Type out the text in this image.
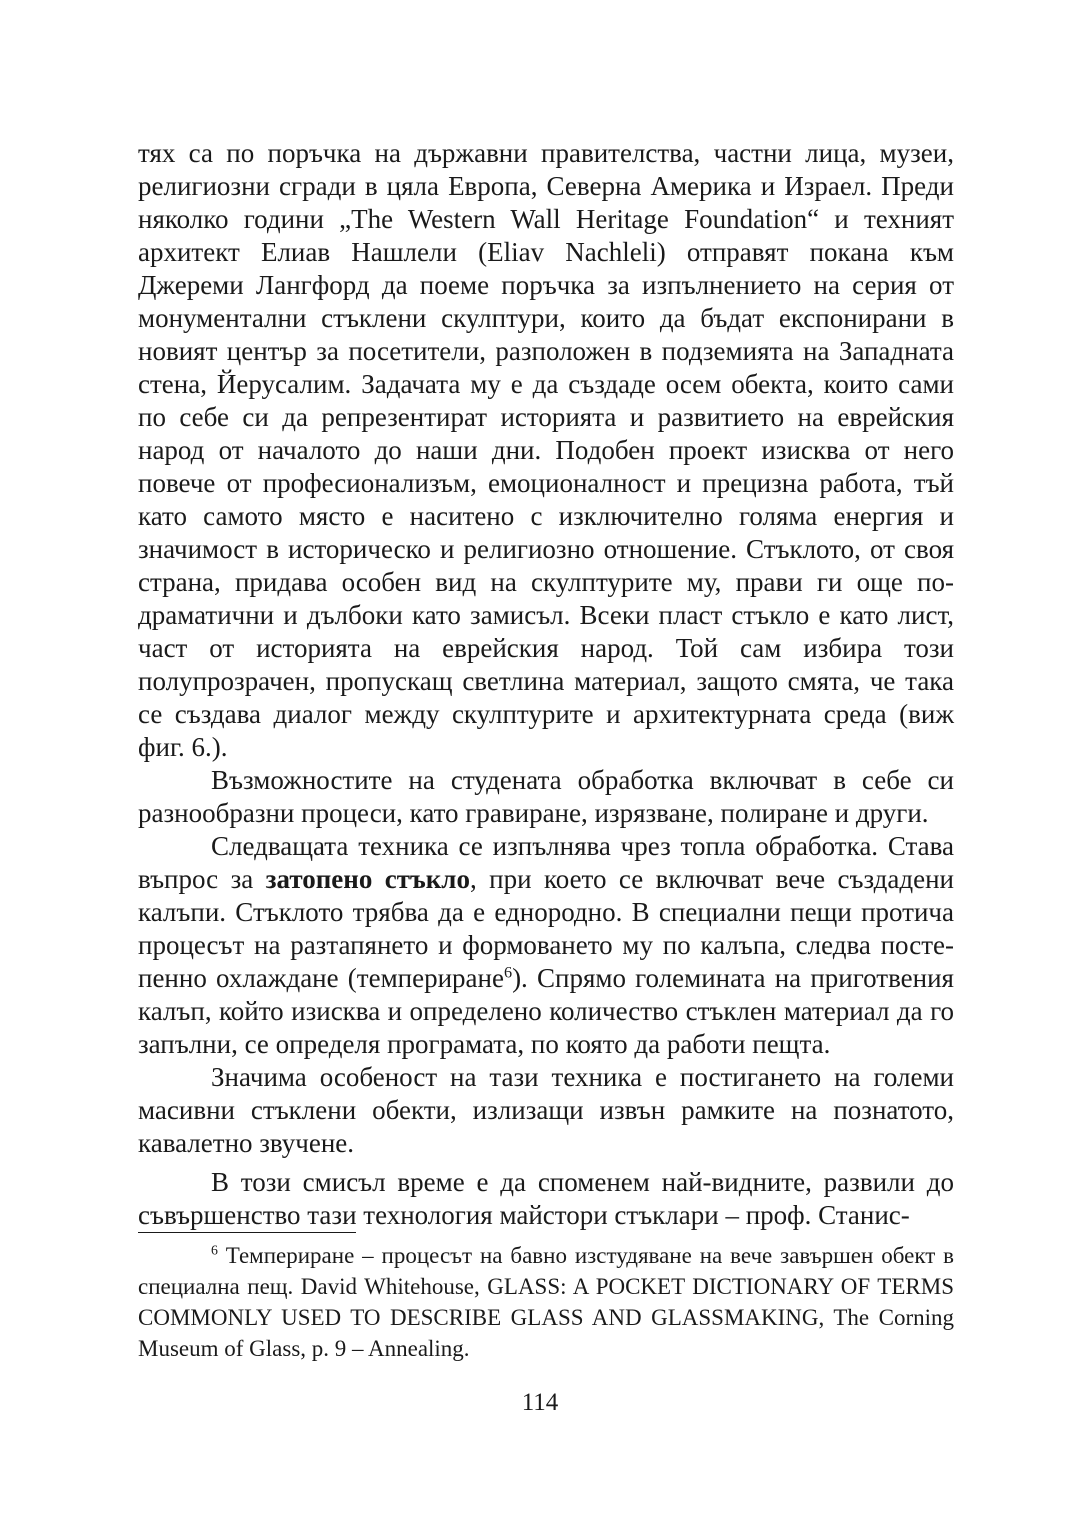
тях са по поръчка на държавни правителства, частни лица, музеи, религиозни сгради в цяла Европа, Северна Америка и Израел. Преди няколко години „The Western Wall Heritage Foundation“ и техният архитект Елиав Нашлели (Eliav Nachleli) отправят покана към Джереми Лангфорд да поеме поръчка за изпълнението на серия от монументални стъклени скулптури, които да бъдат експонирани в новият център за посетители, разположен в подземията на Западната стена, Йерусалим. Задачата му е да създаде осем обекта, които сами по себе си да репрезентират историята и развитието на еврейския народ от началото до наши дни. Подобен проект изисква от него повече от професионализъм, емоционалност и прецизна работа, тъй като самото място е наситено с изключително голяма енергия и значимост в историческо и религиозно отношение. Стъклото, от своя страна, придава особен вид на скулптурите му, прави ги още по-драматични и дълбоки като замисъл. Всеки пласт стъкло е като лист, част от историята на еврейския народ. Той сам избира този полупрозрачен, пропускащ светлина материал, защото смята, че така се създава диалог между скулптурите и архитектурната среда (виж фиг. 6.).

Възможностите на студената обработка включват в себе си разнообразни процеси, като гравиране, изрязване, полиране и други.

Следващата техника се изпълнява чрез топла обработка. Става въпрос за затопено стъкло, при което се включват вече създадени калъпи. Стъклото трябва да е еднородно. В специални пещи протича процесът на разтапянето и формоването му по калъпа, следва постепенно охлаждане (темпериране$^6$). Спрямо големината на приготвения калъп, който изисква и определено количество стъклен материал да го запълни, се определя програмата, по която да работи пещта.

Значима особеност на тази техника е постигането на големи масивни стъклени обекти, излизащи извън рамките на познатото, кавалетно звучене.

В този смисъл време е да споменем най-видните, развили до съвършенство тази технология майстори стъклари – проф. Станис-

$^6$ Темпериране – процесът на бавно изстудяване на вече завършен обект в специална пещ. David Whitehouse, GLASS: A POCKET DICTIONARY OF TERMS COMMONLY USED TO DESCRIBE GLASS AND GLASSMAKING, The Corning Museum of Glass, p. 9 – Annealing.

114
